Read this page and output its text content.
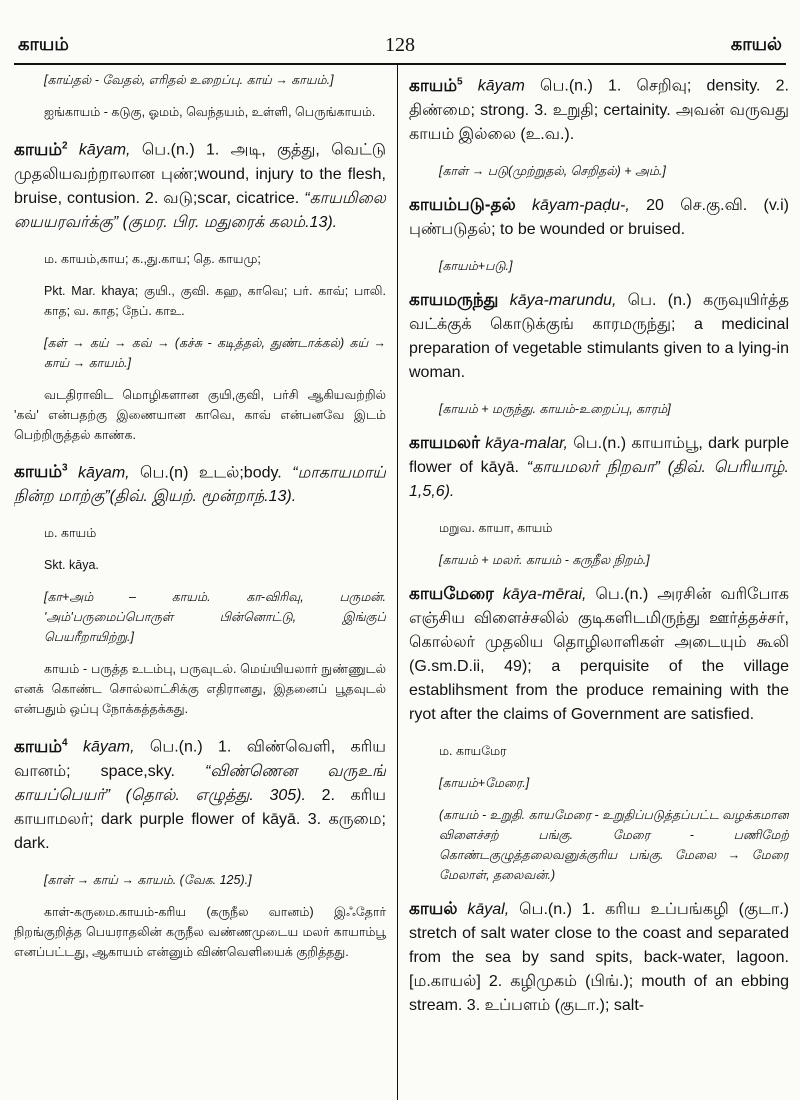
காயம்	128	காயல்
[காய்தல் - வேதல், எரிதல் உறைப்பு. காய் → காயம்.]
ஐங்காயம் - கடுகு, ஓமம், வெந்தயம், உள்ளி, பெருங்காயம்.
காயம்$^2$ kāyam, பெ.(n.) 1. அடி, குத்து, வெட்டு முதலியவற்றாலான புண்;wound, injury to the flesh, bruise, contusion. 2. வடு;scar, cicatrice. “காயமிலை யையரவர்க்கு” (குமர. பிர. மதுரைக் கலம்.13).
ம. காயம்,காய; க.,து.காய; தெ. காயமு;
Pkt. Mar. khaya; குயி., குவி. கஹ, காவெ; பர். காவ்; பாலி. காத; வ. காத; நேப். காஉ.
[கள் → கய் → கவ் → (கச்சு - கடித்தல், துண்டாக்கல்) கய் → காய் → காயம்.]
வடதிராவிட மொழிகளான குயி,குவி, பர்சி ஆகியவற்றில் 'கவ்' என்பதற்கு இணையான காவெ, காவ் என்பனவே இடம் பெற்றிருத்தல் காண்க.
காயம்$^3$ kāyam, பெ.(n) உடல்;body. “மாகாயமாய் நின்ற மாற்கு”(திவ். இயற். மூன்றாந்.13).
ம. காயம்
Skt. kāya.
[கா+அம் – காயம். கா-விரிவு, பருமன். 'அம்'பருமைப்பொருள் பின்னொட்டு, இங்குப் பெயரீறாயிற்று.]
காயம் - பருத்த உடம்பு, பருவுடல். மெய்யியலார் நுண்ணுடல் எனக் கொண்ட சொல்லாட்சிக்கு எதிரானது, இதனைப் பூதவுடல் என்பதும் ஒப்பு நோக்கத்தக்கது.
காயம்$^4$ kāyam, பெ.(n.) 1. விண்வெளி, கரிய வானம்; space,sky. “விண்ணென வருஉங் காயப்பெயர்” (தொல். எழுத்து. 305). 2. கரிய காயாமலர்; dark purple flower of kāyā. 3. கருமை; dark.
[காள் → காய் → காயம். (வேக. 125).]
காள்-கருமை.காயம்-கரிய (கருநீல வானம்) இஃதோர் நிறங்குறித்த பெயராதலின் கருநீல வண்ணமுடைய மலர் காயாம்பூ எனப்பட்டது, ஆகாயம் என்னும் விண்வெளியைக் குறித்தது.
காயம்$^5$ kāyam பெ.(n.) 1. செறிவு; density. 2. திண்மை; strong. 3. உறுதி; certainity. அவன் வருவது காயம் இல்லை (உ.வ.).
[காள் → படு(முற்றுதல், செறிதல்) + அம்.]
காயம்படு-தல் kāyam-paḍu-, 20 செ.கு.வி. (v.i) புண்படுதல்; to be wounded or bruised.
[காயம்+படு.]
காயமருந்து kāya-marundu, பெ. (n.) கருவுயிர்த்த வட்க்குக் கொடுக்குங் காரமருந்து; a medicinal preparation of vegetable stimulants given to a lying-in woman.
[காயம் + மருந்து. காயம்-உறைப்பு, காரம்]
காயமலர் kāya-malar, பெ.(n.) காயாம்பூ, dark purple flower of kāyā. “காயமலர் நிறவா” (திவ். பெரியாழ். 1,5,6).
மறுவ. காயா, காயம்
[காயம் + மலர். காயம் - கருநீல நிறம்.]
காயமேரை kāya-mērai, பெ.(n.) அரசின் வரிபோக எஞ்சிய விளைச்சலில் குடிகளிடமிருந்து ஊர்த்தச்சர், கொல்லர் முதலிய தொழிலாளிகள் அடையும் கூலி (G.sm.D.ii, 49); a perquisite of the village establihsment from the produce remaining with the ryot after the claims of Government are satisfied.
ம. காயமேர
[காயம்+மேரை.]
(காயம் - உறுதி. காயமேரை - உறுதிப்படுத்தப்பட்ட வழக்கமான விளைச்சற் பங்கு. மேரை - பணிமேற் கொண்டகுழுத்தலைவனுக்குரிய பங்கு. மேலை → மேரை மேலாள், தலைவன்.)
காயல் kāyal, பெ.(n.) 1. கரிய உப்பங்கழி (குடா.) stretch of salt water close to the coast and separated from the sea by sand spits, back-water, lagoon. [ம.காயல்] 2. கழிமுகம் (பிங்.); mouth of an ebbing stream. 3. உப்பளம் (குடா.); salt-
